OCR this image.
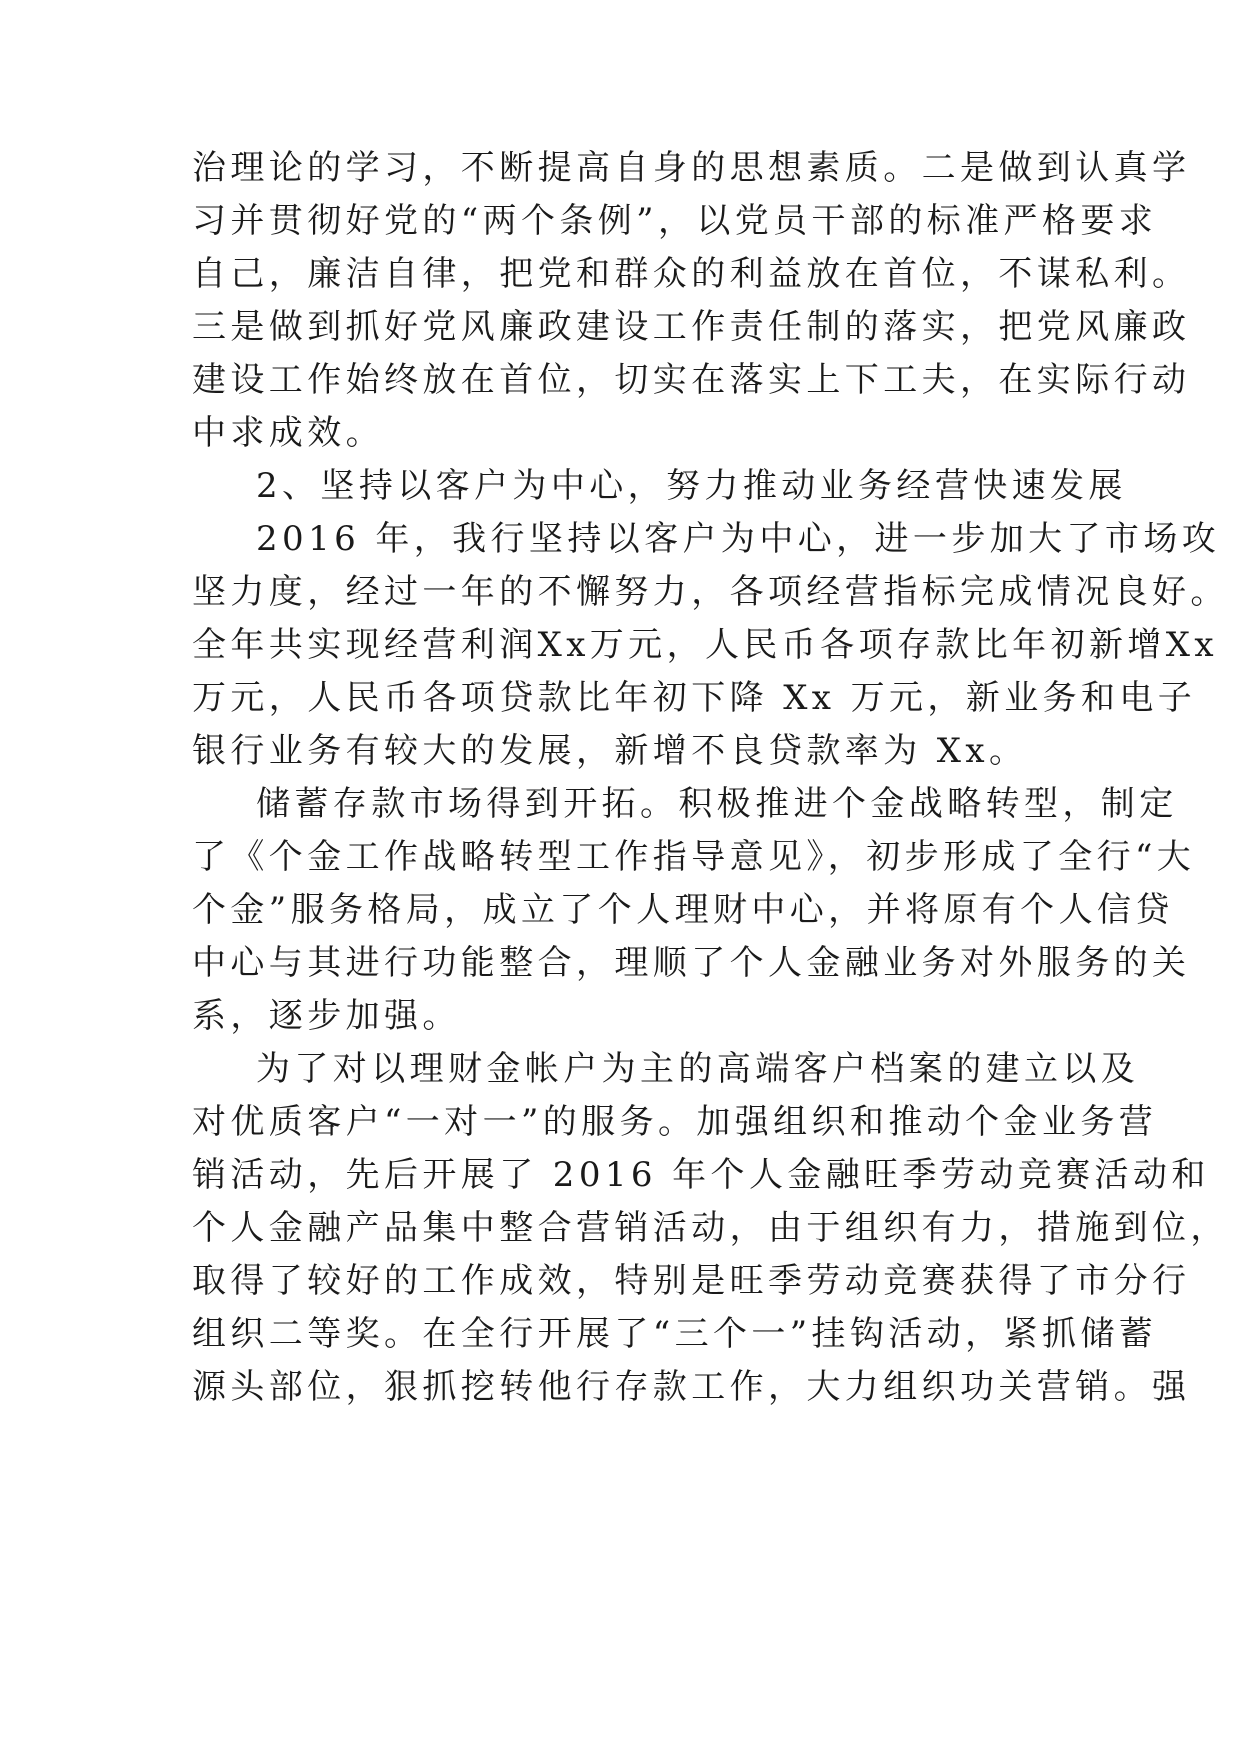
治理论的学习，不断提高自身的思想素质。二是做到认真学
习并贯彻好党的“两个条例”，以党员干部的标准严格要求
自己，廉洁自律，把党和群众的利益放在首位，不谋私利。
三是做到抓好党风廉政建设工作责任制的落实，把党风廉政
建设工作始终放在首位，切实在落实上下工夫，在实际行动
中求成效。
2、坚持以客户为中心，努力推动业务经营快速发展
2016 年，我行坚持以客户为中心，进一步加大了市场攻
坚力度，经过一年的不懈努力，各项经营指标完成情况良好。
全年共实现经营利润Xx万元，人民币各项存款比年初新增Xx
万元，人民币各项贷款比年初下降 Xx 万元，新业务和电子
银行业务有较大的发展，新增不良贷款率为 Xx。
储蓄存款市场得到开拓。积极推进个金战略转型，制定
了《个金工作战略转型工作指导意见》，初步形成了全行“大
个金”服务格局，成立了个人理财中心，并将原有个人信贷
中心与其进行功能整合，理顺了个人金融业务对外服务的关
系，逐步加强。
为了对以理财金帐户为主的高端客户档案的建立以及
对优质客户“一对一”的服务。加强组织和推动个金业务营
销活动，先后开展了 2016 年个人金融旺季劳动竞赛活动和
个人金融产品集中整合营销活动，由于组织有力，措施到位，
取得了较好的工作成效，特别是旺季劳动竞赛获得了市分行
组织二等奖。在全行开展了“三个一”挂钩活动，紧抓储蓄
源头部位，狠抓挖转他行存款工作，大力组织功关营销。强
